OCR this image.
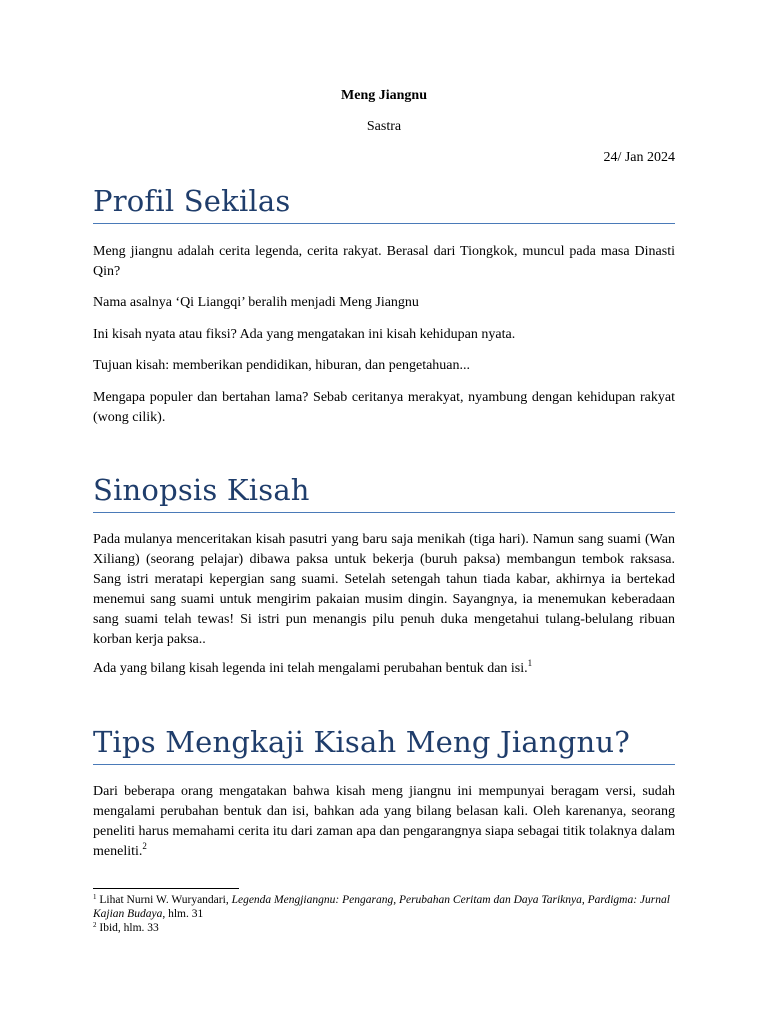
Meng Jiangnu
Sastra
24/ Jan 2024
Profil Sekilas

Meng jiangnu adalah cerita legenda, cerita rakyat. Berasal dari Tiongkok, muncul pada masa Dinasti Qin?

Nama asalnya ‘Qi Liangqi’ beralih menjadi Meng Jiangnu

Ini kisah nyata atau fiksi? Ada yang mengatakan ini kisah kehidupan nyata.

Tujuan kisah: memberikan pendidikan, hiburan, dan pengetahuan...

Mengapa populer dan bertahan lama? Sebab ceritanya merakyat, nyambung dengan kehidupan rakyat (wong cilik).

Sinopsis Kisah

Pada mulanya menceritakan kisah pasutri yang baru saja menikah (tiga hari). Namun sang suami (Wan Xiliang) (seorang pelajar) dibawa paksa untuk bekerja (buruh paksa) membangun tembok raksasa. Sang istri meratapi kepergian sang suami. Setelah setengah tahun tiada kabar, akhirnya ia bertekad menemui sang suami untuk mengirim pakaian musim dingin. Sayangnya, ia menemukan keberadaan sang suami telah tewas! Si istri pun menangis pilu penuh duka mengetahui tulang-belulang ribuan korban kerja paksa..

Ada yang bilang kisah legenda ini telah mengalami perubahan bentuk dan isi.$^1$

Tips Mengkaji Kisah Meng Jiangnu?

Dari beberapa orang mengatakan bahwa kisah meng jiangnu ini mempunyai beragam versi, sudah mengalami perubahan bentuk dan isi, bahkan ada yang bilang belasan kali. Oleh karenanya, seorang peneliti harus memahami cerita itu dari zaman apa dan pengarangnya siapa sebagai titik tolaknya dalam meneliti.$^2$

$^1$ Lihat Nurni W. Wuryandari, Legenda Mengjiangnu: Pengarang, Perubahan Ceritam dan Daya Tariknya, Pardigma: Jurnal Kajian Budaya, hlm. 31
$^2$ Ibid, hlm. 33
